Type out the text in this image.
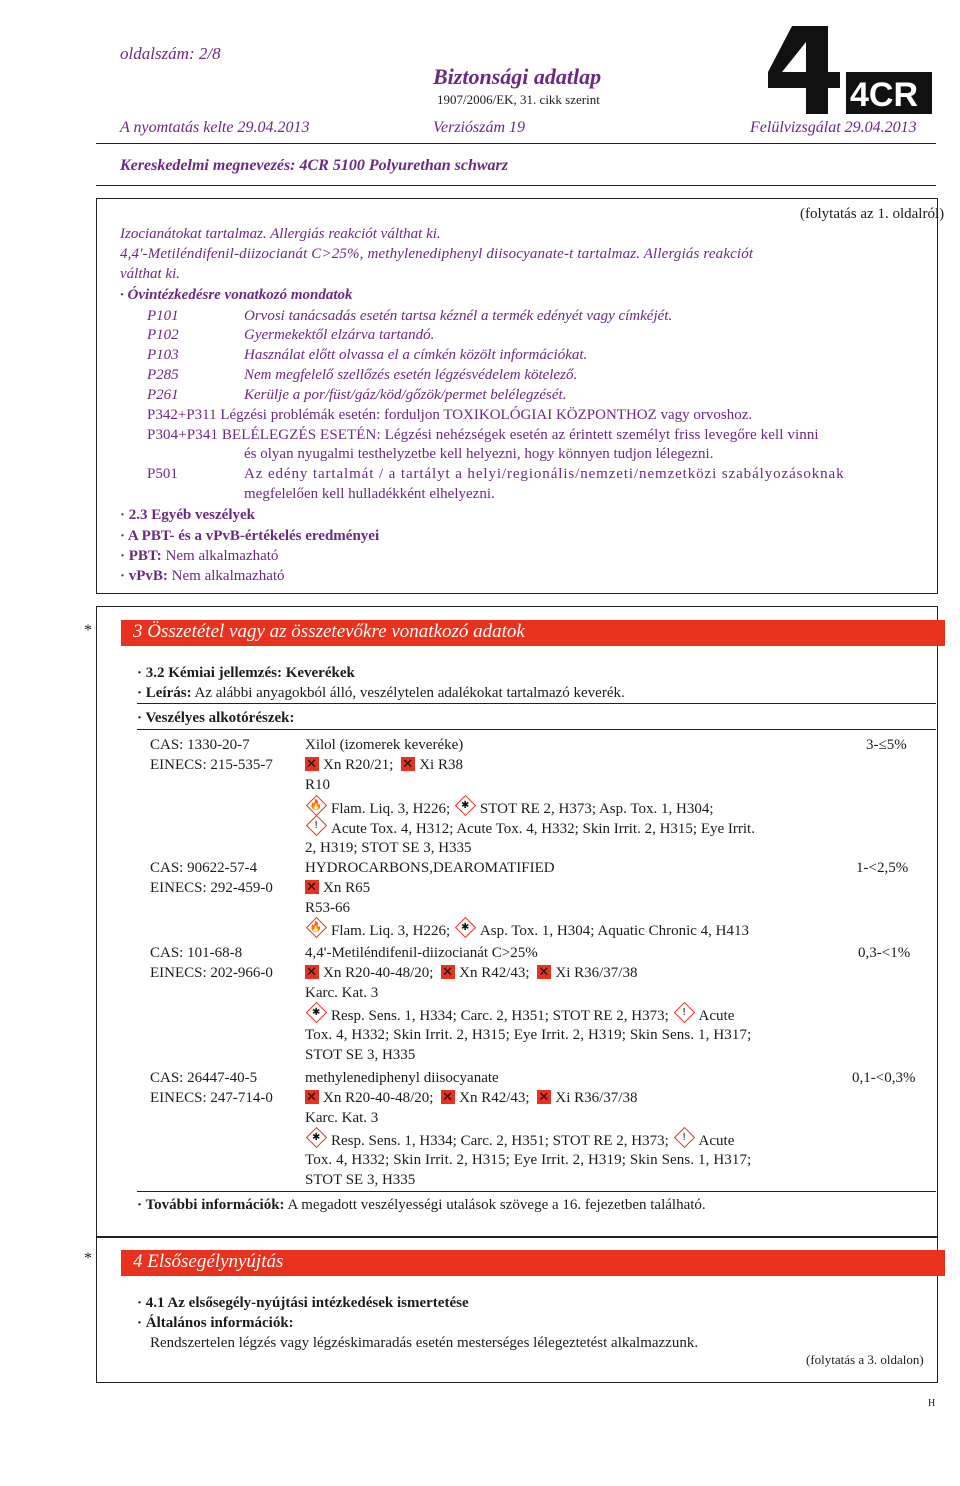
oldalszám: 2/8
Biztonsági adatlap
1907/2006/EK, 31. cikk szerint	4CR
A nyomtatás kelte 29.04.2013	Verziószám 19	Felülvizsgálat 29.04.2013
Kereskedelmi megnevezés: 4CR 5100 Polyurethan schwarz
(folytatás az 1. oldalról)
Izocianátokat tartalmaz. Allergiás reakciót válthat ki.
4,4'-Metiléndifenil-diizocianát C>25%, methylenediphenyl diisocyanate-t tartalmaz. Allergiás reakciót
válthat ki.
· Óvintézkedésre vonatkozó mondatok
P101	Orvosi tanácsadás esetén tartsa kéznél a termék edényét vagy címkéjét.
P102	Gyermekektől elzárva tartandó.
P103	Használat előtt olvassa el a címkén közölt információkat.
P285	Nem megfelelő szellőzés esetén légzésvédelem kötelező.
P261	Kerülje a por/füst/gáz/köd/gőzök/permet belélegzését.
P342+P311 Légzési problémák esetén: forduljon TOXIKOLÓGIAI KÖZPONTHOZ vagy orvoshoz.
P304+P341 BELÉLEGZÉS ESETÉN: Légzési nehézségek esetén az érintett személyt friss levegőre kell vinni
és olyan nyugalmi testhelyzetbe kell helyezni, hogy könnyen tudjon lélegezni.
P501	Az edény tartalmát / a tartályt a helyi/regionális/nemzeti/nemzetközi szabályozásoknak
megfelelően kell hulladékként elhelyezni.
· 2.3 Egyéb veszélyek
· A PBT- és a vPvB-értékelés eredményei
· PBT: Nem alkalmazható
· vPvB: Nem alkalmazható
*	3 Összetétel vagy az összetevőkre vonatkozó adatok
· 3.2 Kémiai jellemzés: Keverékek
· Leírás: Az alábbi anyagokból álló, veszélytelen adalékokat tartalmazó keverék.
· Veszélyes alkotórészek:
CAS: 1330-20-7
EINECS: 215-535-7
Xilol (izomerek keveréke)	3-≤5%
✕Xn R20/21; ✕ Xi R38
R10
🔥 Flam. Liq. 3, H226; ✱ STOT RE 2, H373; Asp. Tox. 1, H304;
! Acute Tox. 4, H312; Acute Tox. 4, H332; Skin Irrit. 2, H315; Eye Irrit.
2, H319; STOT SE 3, H335
CAS: 90622-57-4
EINECS: 292-459-0
HYDROCARBONS,DEAROMATIFIED	1-<2,5%
✕Xn R65
R53-66
🔥 Flam. Liq. 3, H226; ✱ Asp. Tox. 1, H304; Aquatic Chronic 4, H413
CAS: 101-68-8
EINECS: 202-966-0
4,4'-Metiléndifenil-diizocianát C>25%	0,3-<1%
✕Xn R20-40-48/20; ✕ Xn R42/43; ✕ Xi R36/37/38
Karc. Kat. 3
✱ Resp. Sens. 1, H334; Carc. 2, H351; STOT RE 2, H373;	! Acute
Tox. 4, H332; Skin Irrit. 2, H315; Eye Irrit. 2, H319; Skin Sens. 1, H317;
STOT SE 3, H335
CAS: 26447-40-5
EINECS: 247-714-0
methylenediphenyl diisocyanate	0,1-<0,3%
✕Xn R20-40-48/20; ✕ Xn R42/43; ✕ Xi R36/37/38
Karc. Kat. 3
✱ Resp. Sens. 1, H334; Carc. 2, H351; STOT RE 2, H373;	! Acute
Tox. 4, H332; Skin Irrit. 2, H315; Eye Irrit. 2, H319; Skin Sens. 1, H317;
STOT SE 3, H335
· További információk: A megadott veszélyességi utalások szövege a 16. fejezetben található.
*	4 Elsősegélynyújtás
· 4.1 Az elsősegély-nyújtási intézkedések ismertetése
· Általános információk:
Rendszertelen légzés vagy légzéskimaradás esetén mesterséges lélegeztetést alkalmazzunk.
(folytatás a 3. oldalon)
H
